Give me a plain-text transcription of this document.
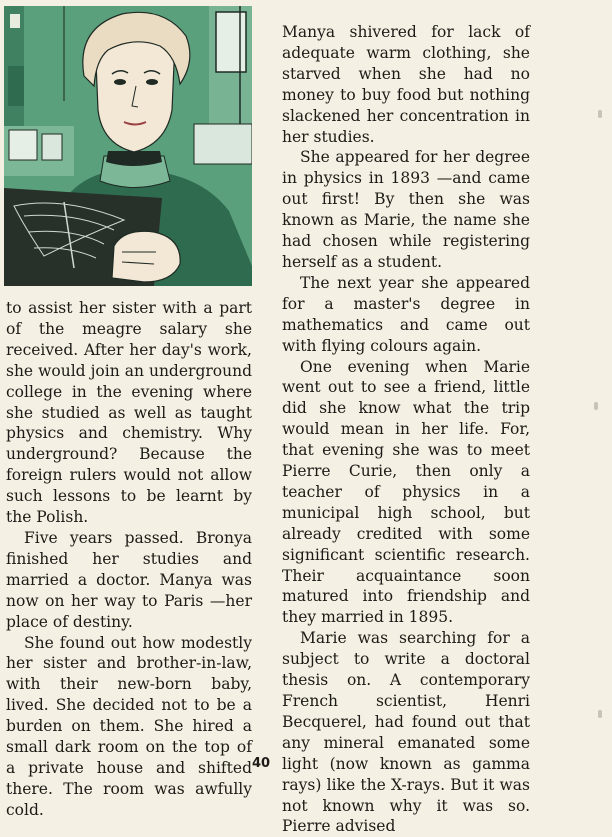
to assist her sister with a part of the meagre salary she received. After her day's work, she would join an underground college in the evening where she studied as well as taught physics and chemistry. Why underground? Because the foreign rulers would not allow such lessons to be learnt by the Polish.

Five years passed. Bronya finished her studies and married a doctor. Manya was now on her way to Paris —her place of destiny.

She found out how modestly her sister and brother-in-law, with their new-born baby, lived. She decided not to be a burden on them. She hired a small dark room on the top of a private house and shifted there. The room was awfully cold.

Manya shivered for lack of adequate warm clothing, she starved when she had no money to buy food but nothing slackened her concentration in her studies.

She appeared for her degree in physics in 1893 —and came out first! By then she was known as Marie, the name she had chosen while registering herself as a student.

The next year she appeared for a master's degree in mathematics and came out with flying colours again.

One evening when Marie went out to see a friend, little did she know what the trip would mean in her life. For, that evening she was to meet Pierre Curie, then only a teacher of physics in a municipal high school, but already credited with some significant scientific research. Their acquaintance soon matured into friendship and they married in 1895.

Marie was searching for a subject to write a doctoral thesis on. A contemporary French scientist, Henri Becquerel, had found out that any mineral emanated some light (now known as gamma rays) like the X-rays. But it was not known why it was so. Pierre advised

40
